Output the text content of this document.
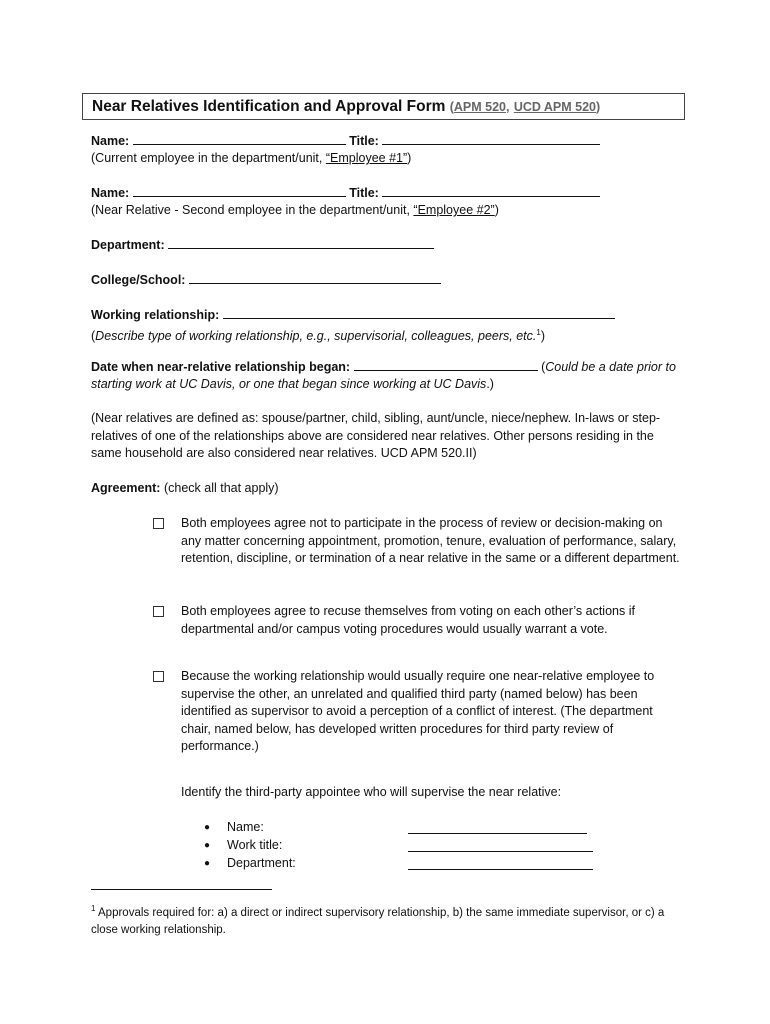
Near Relatives Identification and Approval Form (APM 520, UCD APM 520)
Name:	Title:
(Current employee in the department/unit, “Employee #1”)
Name:	Title:
(Near Relative - Second employee in the department/unit, “Employee #2”)
Department:
College/School:
Working relationship:
(Describe type of working relationship, e.g., supervisorial, colleagues, peers, etc.$^1$)
Date when near-relative relationship began:	(Could be a date prior to
starting work at UC Davis, or one that began since working at UC Davis.)
(Near relatives are defined as: spouse/partner, child, sibling, aunt/uncle, niece/nephew. In-laws or step-relatives of one of the relationships above are considered near relatives. Other persons residing in the same household are also considered near relatives. UCD APM 520.II)
Agreement: (check all that apply)
Both employees agree not to participate in the process of review or decision-making on any matter concerning appointment, promotion, tenure, evaluation of performance, salary, retention, discipline, or termination of a near relative in the same or a different department.
Both employees agree to recuse themselves from voting on each other’s actions if departmental and/or campus voting procedures would usually warrant a vote.
Because the working relationship would usually require one near-relative employee to supervise the other, an unrelated and qualified third party (named below) has been identified as supervisor to avoid a perception of a conflict of interest. (The department chair, named below, has developed written procedures for third party review of performance.)
Identify the third-party appointee who will supervise the near relative:
● Name:
● Work title:
● Department:
$^1$ Approvals required for: a) a direct or indirect supervisory relationship, b) the same immediate supervisor, or c) a close working relationship.
